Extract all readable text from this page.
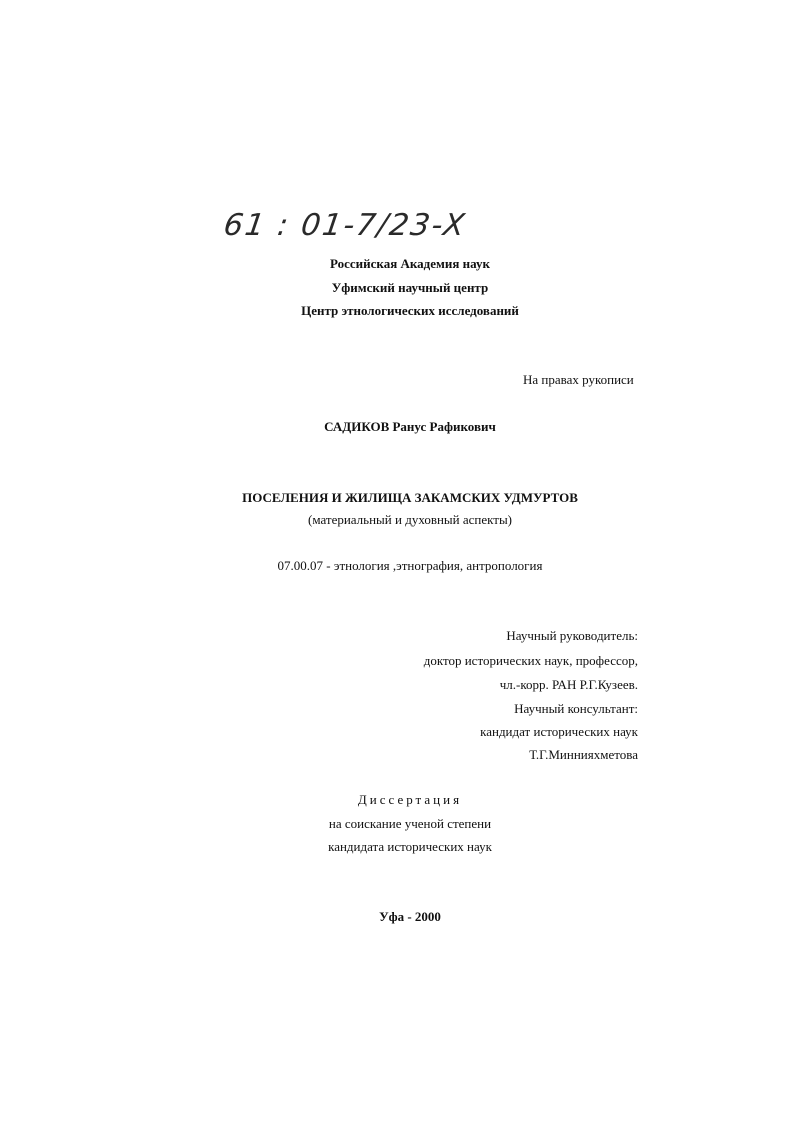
61 : 01-7/23-X
Российская Академия наук
Уфимский научный центр
Центр этнологических исследований
На правах рукописи
САДИКОВ Ранус Рафикович
ПОСЕЛЕНИЯ И ЖИЛИЩА ЗАКАМСКИХ УДМУРТОВ
(материальный и духовный аспекты)
07.00.07 - этнология ,этнография, антропология
Научный руководитель:
доктор исторических наук, профессор,
чл.-корр. РАН Р.Г.Кузеев.
Научный консультант:
кандидат исторических наук
Т.Г.Миннияхметова
Диссертация
на соискание ученой степени
кандидата исторических наук
Уфа - 2000
